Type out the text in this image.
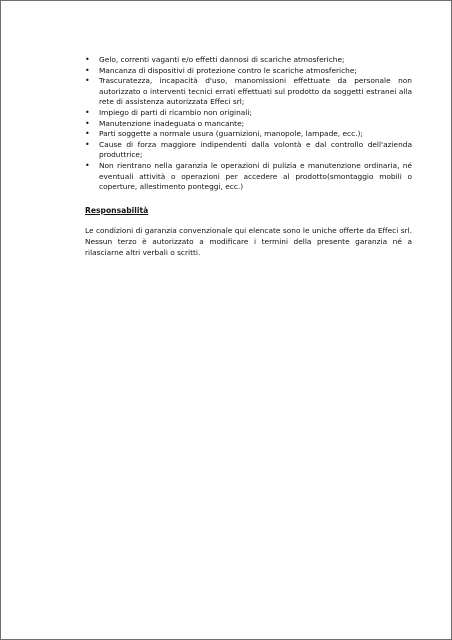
• Gelo, correnti vaganti e/o effetti dannosi di scariche atmosferiche;
• Mancanza di dispositivi di protezione contro le scariche atmosferiche;
• Trascuratezza, incapacità d'uso, manomissioni effettuate da personale non autorizzato o interventi tecnici errati effettuati sul prodotto da soggetti estranei alla rete di assistenza autorizzata Effeci srl;
• Impiego di parti di ricambio non originali;
• Manutenzione inadeguata o mancante;
• Parti soggette a normale usura (guarnizioni, manopole, lampade, ecc.);
• Cause di forza maggiore indipendenti dalla volontà e dal controllo dell'azienda produttrice;
• Non rientrano nella garanzia le operazioni di pulizia e manutenzione ordinaria, né eventuali attività o operazioni per accedere al prodotto(smontaggio mobili o coperture, allestimento ponteggi, ecc.)
Responsabilità

Le condizioni di garanzia convenzionale qui elencate sono le uniche offerte da Effeci srl. Nessun terzo è autorizzato a modificare i termini della presente garanzia né a rilasciarne altri verbali o scritti.
